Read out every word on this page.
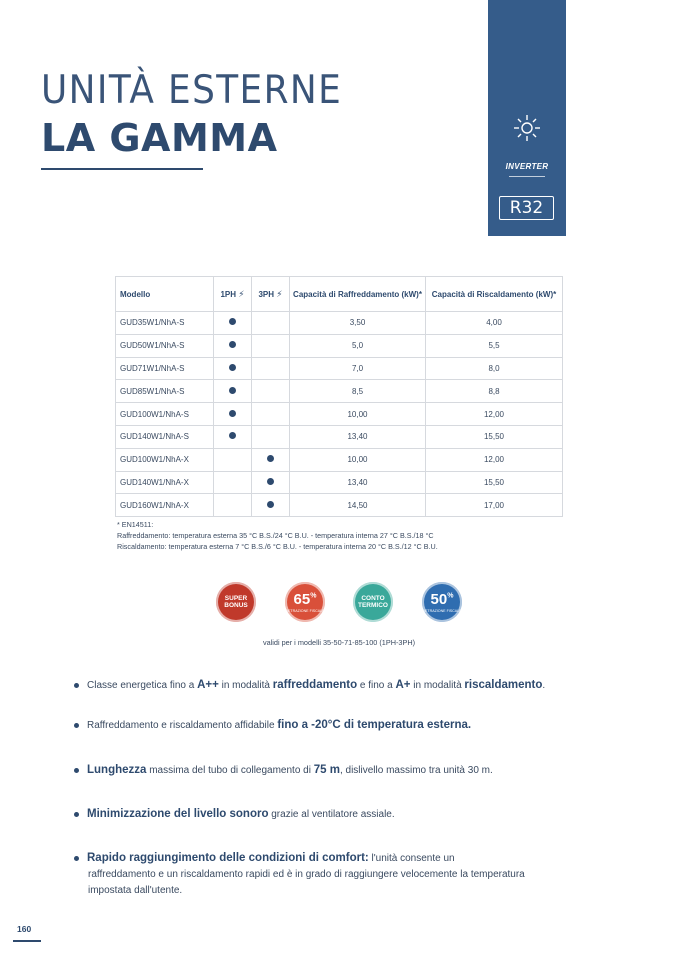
UNITÀ ESTERNE
LA GAMMA
INVERTER
R32
Modello	1PH ⚡	3PH ⚡	Capacità di Raffreddamento (kW)*	Capacità di Riscaldamento (kW)*
GUD35W1/NhA-S			3,50	4,00
GUD50W1/NhA-S			5,0	5,5
GUD71W1/NhA-S			7,0	8,0
GUD85W1/NhA-S			8,5	8,8
GUD100W1/NhA-S			10,00	12,00
GUD140W1/NhA-S			13,40	15,50
GUD100W1/NhA-X			10,00	12,00
GUD140W1/NhA-X			13,40	15,50
GUD160W1/NhA-X			14,50	17,00
* EN14511:
Raffreddamento: temperatura esterna 35 °C B.S./24 °C B.U. - temperatura interna 27 °C B.S./18 °C
Riscaldamento: temperatura esterna 7 °C B.S./6 °C B.U. - temperatura interna 20 °C B.S./12 °C B.U.
SUPER BONUS	65%
DETRAZIONE FISCALE
CONTO TERMICO	50%
DETRAZIONE FISCALE
validi per i modelli 35-50-71-85-100 (1PH-3PH)
Classe energetica fino a A++ in modalità raffreddamento e fino a A+ in modalità riscaldamento.
Raffreddamento e riscaldamento affidabile fino a -20°C di temperatura esterna.
Lunghezza massima del tubo di collegamento di 75 m, dislivello massimo tra unità 30 m.
Minimizzazione del livello sonoro grazie al ventilatore assiale.
Rapido raggiungimento delle condizioni di comfort: l'unità consente un
raffreddamento e un riscaldamento rapidi ed è in grado di raggiungere velocemente la temperatura
impostata dall'utente.
160
